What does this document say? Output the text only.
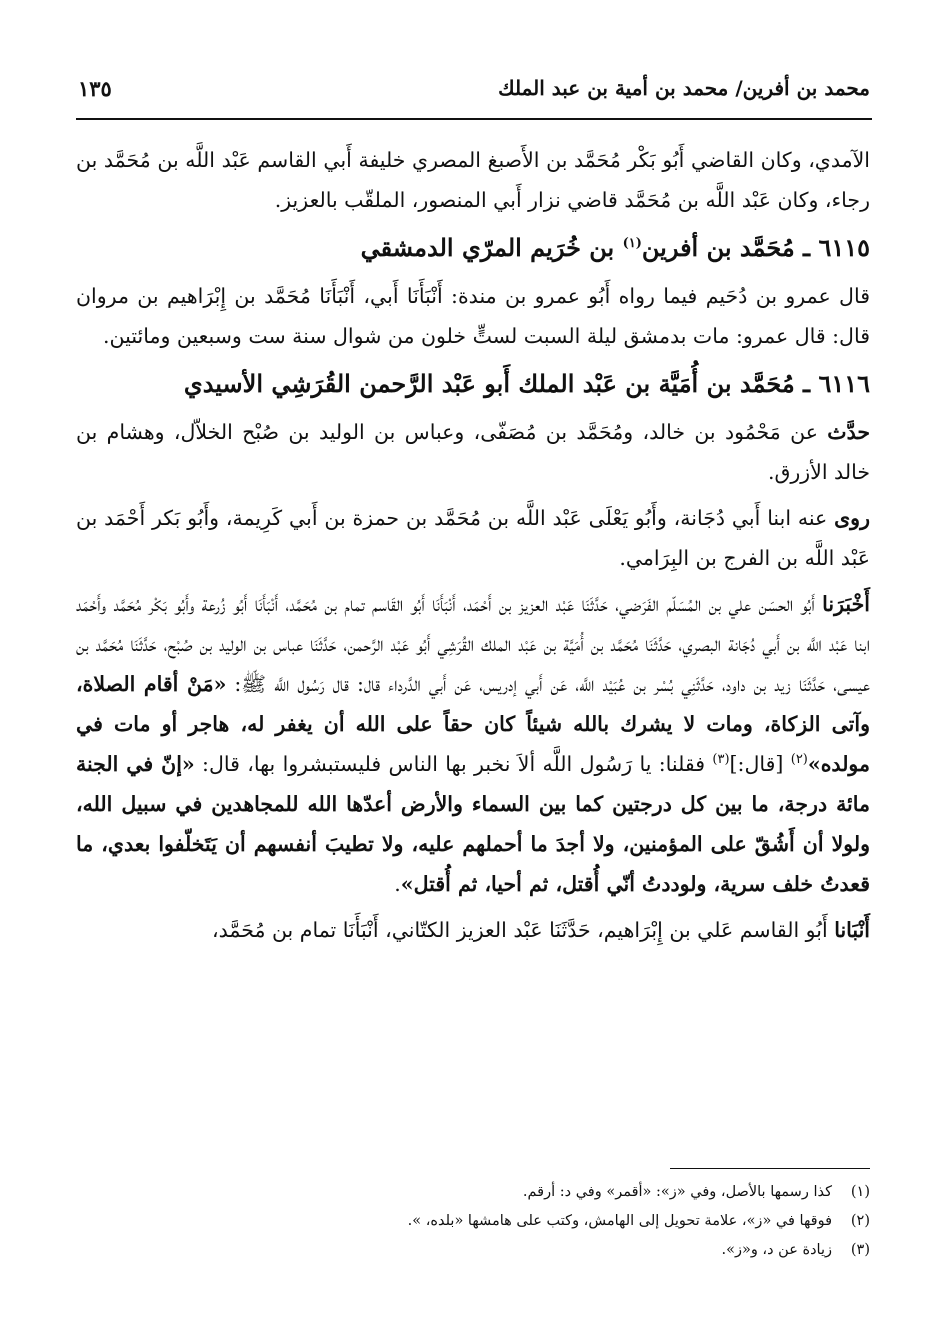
محمد بن أفرين/ محمد بن أمية بن عبد الملك
١٣٥

الآمدي، وكان القاضي أَبُو بَكْر مُحَمَّد بن الأَصبغ المصري خليفة أَبي القاسم عَبْد اللَّه بن مُحَمَّد بن رجاء، وكان عَبْد اللَّه بن مُحَمَّد قاضي نزار أَبي المنصور، الملقّب بالعزيز.

٦١١٥ ـ مُحَمَّد بن أفرين$^{(١)}$ بن خُرَيم المرّي الدمشقي

قال عمرو بن دُحَيم فيما رواه أَبُو عمرو بن مندة: أَنْبَأَنَا أَبي، أَنْبَأَنَا مُحَمَّد بن إِبْرَاهيم بن مروان قال: قال عمرو: مات بدمشق ليلة السبت لستٍّ خلون من شوال سنة ست وسبعين ومائتين.

٦١١٦ ـ مُحَمَّد بن أُمَيَّة بن عَبْد الملك أَبو عَبْد الرَّحمن القُرَشِي الأسيدي

حدَّث عن مَحْمُود بن خالد، ومُحَمَّد بن مُصَفّى، وعباس بن الوليد بن صُبْح الخلاّل، وهشام بن خالد الأزرق.

روى عنه ابنا أَبي دُجَانة، وأَبُو يَعْلَى عَبْد اللَّه بن مُحَمَّد بن حمزة بن أَبي كَرِيمة، وأَبُو بَكر أَحْمَد بن عَبْد اللَّه بن الفرج بن البِرَامي.

أَخْبَرَنا أَبُو الحسَن علي بن المُسَلّم الفَرَضي، حَدَّثَنَا عَبْد العزيز بن أَحْمَد، أَنْبَأَنَا أَبُو القَاسم تمام بن مُحَمَّد، أَنْبَأَنَا أَبُو زُرعة وأَبُو بَكْر مُحَمَّد وأَحْمَد ابنا عَبْد اللَّه بن أَبي دُجَانة البصري، حَدَّثَنَا مُحَمَّد بن أُمَيَّة بن عَبْد الملك القُرَشِي أَبُو عَبْد الرَّحمن، حَدَّثَنَا عباس بن الوليد بن صُبْح، حَدَّثَنَا مُحَمَّد بن عيسى، حَدَّثَنَا زيد بن داود، حَدَّثَنِي بُسْر بن عُبَيْد اللَّه، عَن أَبي إدريس، عَن أَبي الدَّرداء قال: قال رَسُول اللَّه ﷺ: «مَنْ أقام الصلاة، وآتى الزكاة، ومات لا يشرك بالله شيئاً كان حقاً على الله أن يغفر له، هاجر أو مات في مولده»$^{(٢)}$ [قال:]$^{(٣)}$ فقلنا: يا رَسُول اللَّه ألاَ نخبر بها الناس فليستبشروا بها، قال: «إنّ في الجنة مائة درجة، ما بين كل درجتين كما بين السماء والأرض أعدّها الله للمجاهدين في سبيل الله، ولولا أن أَشُقّ على المؤمنين، ولا أجدَ ما أحملهم عليه، ولا تطيبَ أنفسهم أن يَتَخلّفوا بعدي، ما قعدتُ خلف سرية، ولوددتُ أنّي أُقتل، ثم أحيا، ثم أُقتل».

أَنْبَانا أَبُو القاسم عَلي بن إِبْرَاهيم، حَدَّثَنَا عَبْد العزيز الكتّاني، أَنْبَأَنَا تمام بن مُحَمَّد،

(١)
كذا رسمها بالأصل، وفي «ز»: «أقمر» وفي د: أرقم.
(٢)
فوقها في «ز»، علامة تحويل إلى الهامش، وكتب على هامشها «بلده، ».
(٣)
زيادة عن د، و«ز».
